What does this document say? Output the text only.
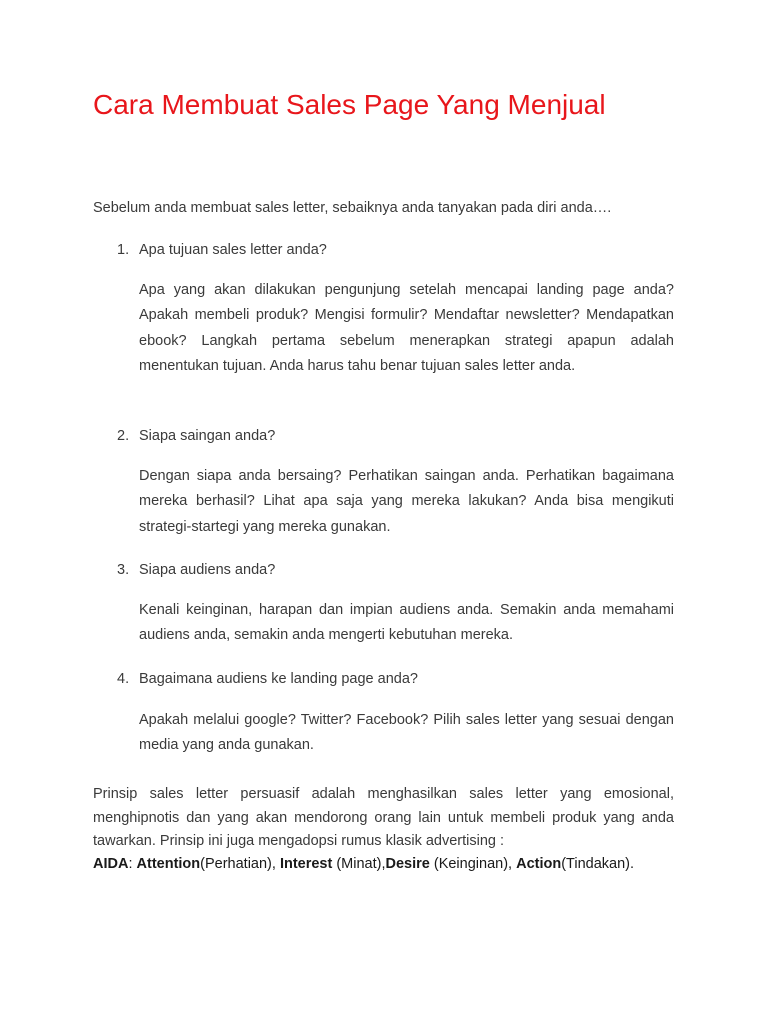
Cara Membuat Sales Page Yang Menjual

Sebelum anda membuat sales letter, sebaiknya anda tanyakan pada diri anda….

1. Apa tujuan sales letter anda?

Apa yang akan dilakukan pengunjung setelah mencapai landing page anda? Apakah membeli produk? Mengisi formulir? Mendaftar newsletter? Mendapatkan ebook? Langkah pertama sebelum menerapkan strategi apapun adalah menentukan tujuan. Anda harus tahu benar tujuan sales letter anda.

2. Siapa saingan anda?

Dengan siapa anda bersaing? Perhatikan saingan anda. Perhatikan bagaimana mereka berhasil? Lihat apa saja yang mereka lakukan? Anda bisa mengikuti strategi-startegi yang mereka gunakan.

3. Siapa audiens anda?

Kenali keinginan, harapan dan impian audiens anda. Semakin anda memahami audiens anda, semakin anda mengerti kebutuhan mereka.

4. Bagaimana audiens ke landing page anda?

Apakah melalui google? Twitter? Facebook? Pilih sales letter yang sesuai dengan media yang anda gunakan.

Prinsip sales letter persuasif adalah menghasilkan sales letter yang emosional, menghipnotis dan yang akan mendorong orang lain untuk membeli produk yang anda tawarkan. Prinsip ini juga mengadopsi rumus klasik advertising :

AIDA: Attention(Perhatian), Interest (Minat),Desire (Keinginan), Action(Tindakan).
